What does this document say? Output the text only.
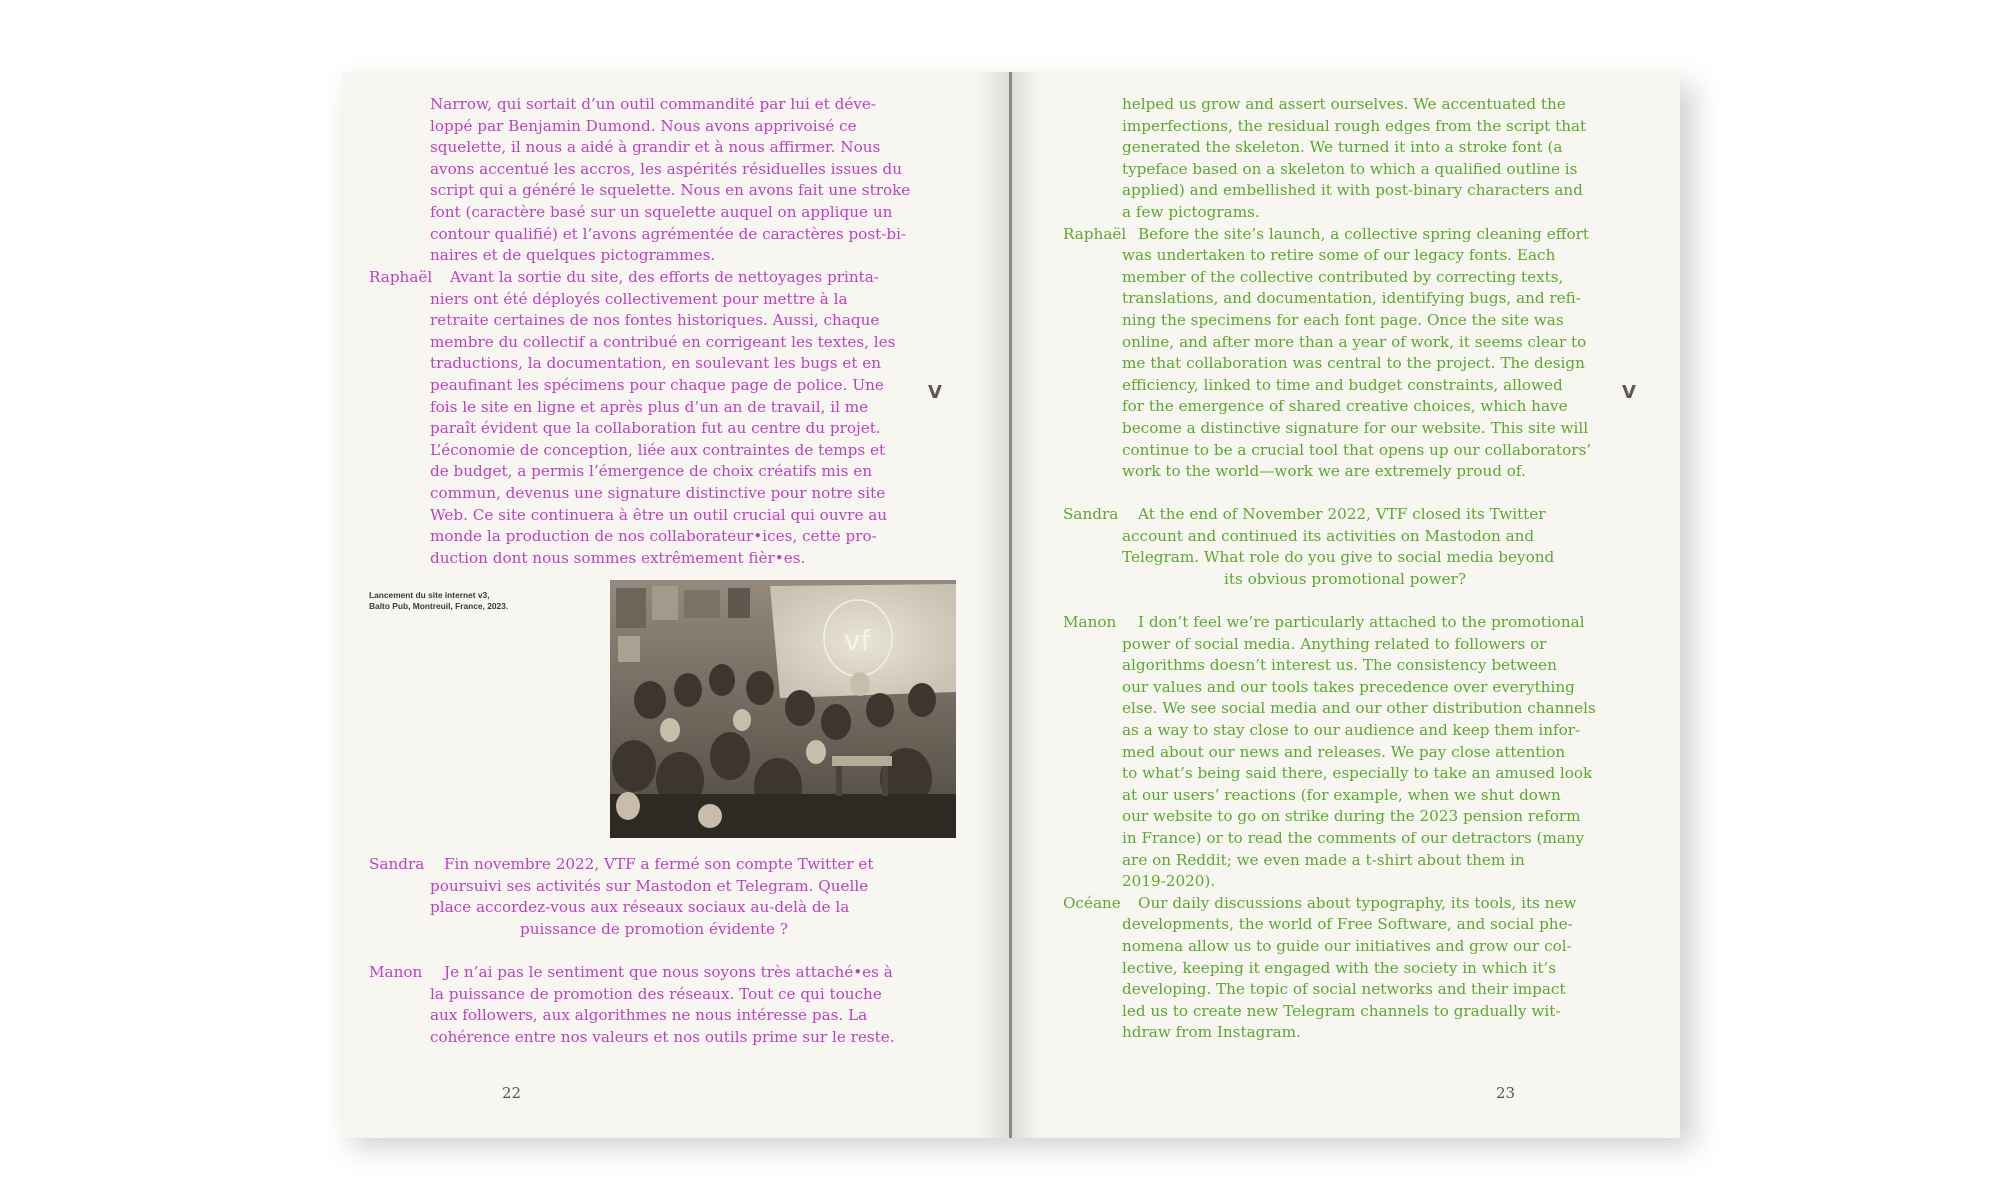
Narrow, qui sortait d’un outil commandité par lui et déve-
loppé par Benjamin Dumond. Nous avons apprivoisé ce
squelette, il nous a aidé à grandir et à nous affirmer. Nous
avons accentué les accros, les aspérités résiduelles issues du
script qui a généré le squelette. Nous en avons fait une stroke
font (caractère basé sur un squelette auquel on applique un
contour qualifié) et l’avons agrémentée de caractères post-bi-
naires et de quelques pictogrammes.
Raphaël Avant la sortie du site, des efforts de nettoyages printa-
niers ont été déployés collectivement pour mettre à la
retraite certaines de nos fontes historiques. Aussi, chaque
membre du collectif a contribué en corrigeant les textes, les
traductions, la documentation, en soulevant les bugs et en
peaufinant les spécimens pour chaque page de police. Une
fois le site en ligne et après plus d’un an de travail, il me
paraît évident que la collaboration fut au centre du projet.
L’économie de conception, liée aux contraintes de temps et
de budget, a permis l’émergence de choix créatifs mis en
commun, devenus une signature distinctive pour notre site
Web. Ce site continuera à être un outil crucial qui ouvre au
monde la production de nos collaborateur•ices, cette pro-
duction dont nous sommes extrêmement fièr•es.
V
Lancement du site internet v3,
Balto Pub, Montreuil, France, 2023.
vf
Sandra Fin novembre 2022, VTF a fermé son compte Twitter et
poursuivi ses activités sur Mastodon et Telegram. Quelle
place accordez-vous aux réseaux sociaux au-delà de la
puissance de promotion évidente ?
Manon Je n’ai pas le sentiment que nous soyons très attaché•es à
la puissance de promotion des réseaux. Tout ce qui touche
aux followers, aux algorithmes ne nous intéresse pas. La
cohérence entre nos valeurs et nos outils prime sur le reste.
22
helped us grow and assert ourselves. We accentuated the
imperfections, the residual rough edges from the script that
generated the skeleton. We turned it into a stroke font (a
typeface based on a skeleton to which a qualified outline is
applied) and embellished it with post-binary characters and
a few pictograms.
Raphaël Before the site’s launch, a collective spring cleaning effort
was undertaken to retire some of our legacy fonts. Each
member of the collective contributed by correcting texts,
translations, and documentation, identifying bugs, and refi-
ning the specimens for each font page. Once the site was
online, and after more than a year of work, it seems clear to
me that collaboration was central to the project. The design
efficiency, linked to time and budget constraints, allowed
for the emergence of shared creative choices, which have
become a distinctive signature for our website. This site will
continue to be a crucial tool that opens up our collaborators’
work to the world—work we are extremely proud of.
V
Sandra At the end of November 2022, VTF closed its Twitter
account and continued its activities on Mastodon and
Telegram. What role do you give to social media beyond
its obvious promotional power?
Manon I don’t feel we’re particularly attached to the promotional
power of social media. Anything related to followers or
algorithms doesn’t interest us. The consistency between
our values and our tools takes precedence over everything
else. We see social media and our other distribution channels
as a way to stay close to our audience and keep them infor-
med about our news and releases. We pay close attention
to what’s being said there, especially to take an amused look
at our users’ reactions (for example, when we shut down
our website to go on strike during the 2023 pension reform
in France) or to read the comments of our detractors (many
are on Reddit; we even made a t-shirt about them in
2019-2020).
Océane Our daily discussions about typography, its tools, its new
developments, the world of Free Software, and social phe-
nomena allow us to guide our initiatives and grow our col-
lective, keeping it engaged with the society in which it’s
developing. The topic of social networks and their impact
led us to create new Telegram channels to gradually wit-
hdraw from Instagram.
23
